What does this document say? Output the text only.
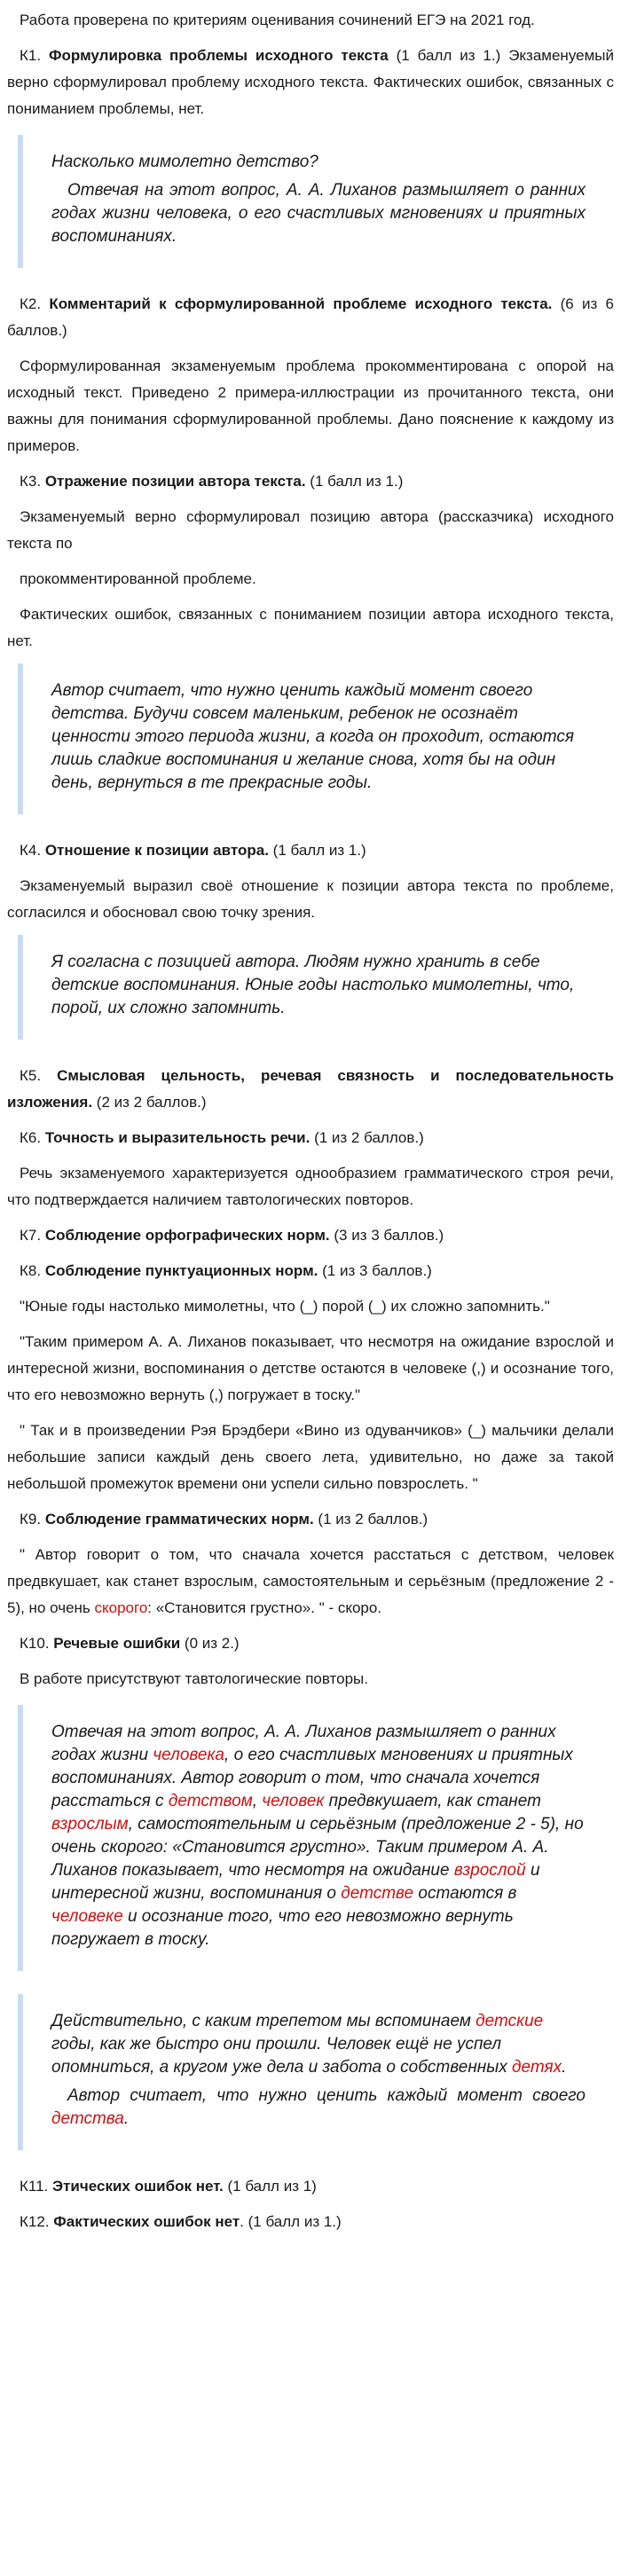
Работа проверена по критериям оценивания сочинений ЕГЭ на 2021 год.

К1. Формулировка проблемы исходного текста (1 балл из 1.) Экзаменуемый верно сформулировал проблему исходного текста. Фактических ошибок, связанных с пониманием проблемы, нет.

Насколько мимолетно детство?

Отвечая на этот вопрос, А. А. Лиханов размышляет о ранних годах жизни человека, о его счастливых мгновениях и приятных воспоминаниях.

К2. Комментарий к сформулированной проблеме исходного текста. (6 из 6 баллов.)

Сформулированная экзаменуемым проблема прокомментирована с опорой на исходный текст. Приведено 2 примера-иллюстрации из прочитанного текста, они важны для понимания сформулированной проблемы. Дано пояснение к каждому из примеров.

К3. Отражение позиции автора текста. (1 балл из 1.)

Экзаменуемый верно сформулировал позицию автора (рассказчика) исходного текста по

прокомментированной проблеме.

Фактических ошибок, связанных с пониманием позиции автора исходного текста, нет.

Автор считает, что нужно ценить каждый момент своего детства. Будучи совсем маленьким, ребенок не осознаёт ценности этого периода жизни, а когда он проходит, остаются лишь сладкие воспоминания и желание снова, хотя бы на один день, вернуться в те прекрасные годы.

К4. Отношение к позиции автора. (1 балл из 1.)

Экзаменуемый выразил своё отношение к позиции автора текста по проблеме, согласился и обосновал свою точку зрения.

Я согласна с позицией автора. Людям нужно хранить в себе детские воспоминания. Юные годы настолько мимолетны, что, порой, их сложно запомнить.

К5. Смысловая цельность, речевая связность и последовательность изложения. (2 из 2 баллов.)

К6. Точность и выразительность речи. (1 из 2 баллов.)

Речь экзаменуемого характеризуется однообразием грамматического строя речи, что подтверждается наличием тавтологических повторов.

К7. Соблюдение орфографических норм. (3 из 3 баллов.)

К8. Соблюдение пунктуационных норм. (1 из 3 баллов.)

"Юные годы настолько мимолетны, что (_) порой (_) их сложно запомнить."

"Таким примером А. А. Лиханов показывает, что несмотря на ожидание взрослой и интересной жизни, воспоминания о детстве остаются в человеке (,) и осознание того, что его невозможно вернуть (,) погружает в тоску."

" Так и в произведении Рэя Брэдбери «Вино из одуванчиков» (_) мальчики делали небольшие записи каждый день своего лета, удивительно, но даже за такой небольшой промежуток времени они успели сильно повзрослеть. "

К9. Соблюдение грамматических норм. (1 из 2 баллов.)

" Автор говорит о том, что сначала хочется расстаться с детством, человек предвкушает, как станет взрослым, самостоятельным и серьёзным (предложение 2 - 5), но очень скорого: «Становится грустно». " - скоро.

К10. Речевые ошибки (0 из 2.)

В работе присутствуют тавтологические повторы.

Отвечая на этот вопрос, А. А. Лиханов размышляет о ранних годах жизни человека, о его счастливых мгновениях и приятных воспоминаниях. Автор говорит о том, что сначала хочется расстаться с детством, человек предвкушает, как станет взрослым, самостоятельным и серьёзным (предложение 2 - 5), но очень скорого: «Становится грустно». Таким примером А. А. Лиханов показывает, что несмотря на ожидание взрослой и интересной жизни, воспоминания о детстве остаются в человеке и осознание того, что его невозможно вернуть погружает в тоску.

Действительно, с каким трепетом мы вспоминаем детские годы, как же быстро они прошли. Человек ещё не успел опомниться, а кругом уже дела и забота о собственных детях.

Автор считает, что нужно ценить каждый момент своего детства.

К11. Этических ошибок нет. (1 балл из 1)

К12. Фактических ошибок нет. (1 балл из 1.)
